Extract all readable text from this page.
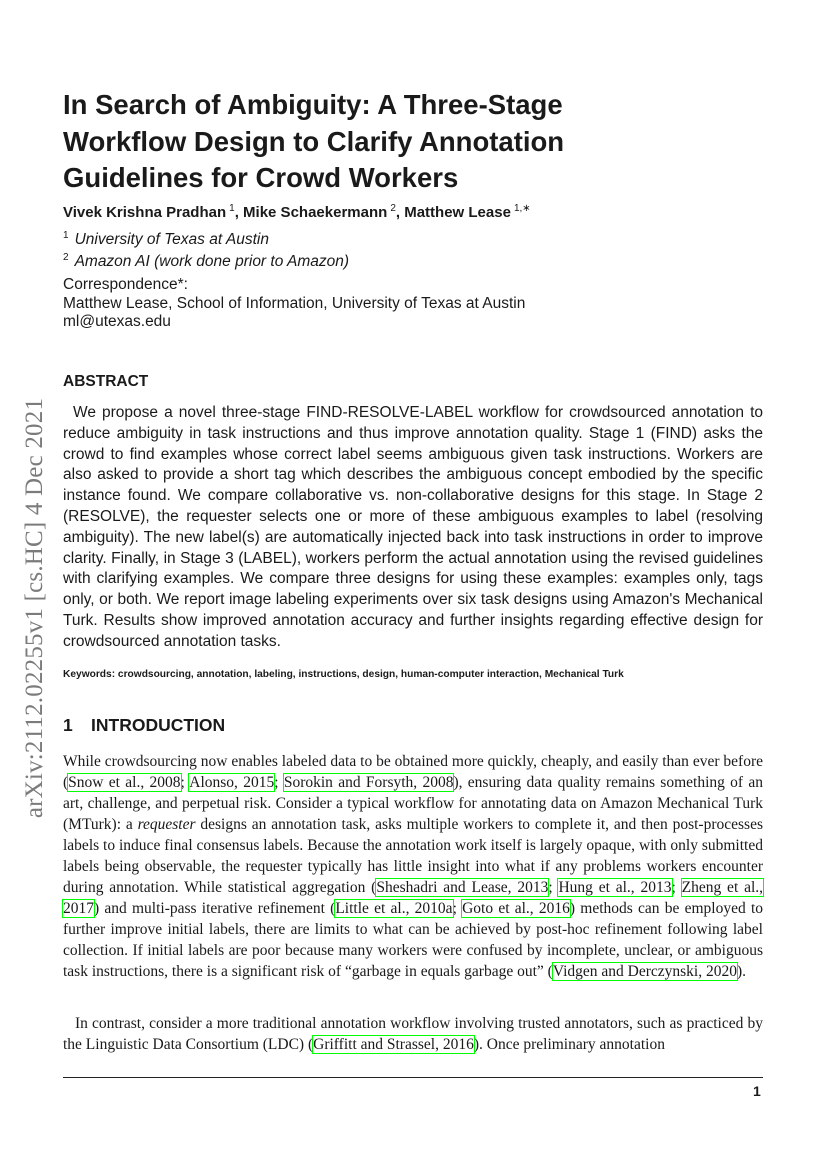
arXiv:2112.02255v1 [cs.HC] 4 Dec 2021
In Search of Ambiguity: A Three-Stage Workflow Design to Clarify Annotation Guidelines for Crowd Workers
Vivek Krishna Pradhan  $^1$, Mike Schaekermann  $^2$, Matthew Lease  $^{1,∗}$
$^1$ University of Texas at Austin
$^2$ Amazon AI (work done prior to Amazon)
Correspondence*:
Matthew Lease, School of Information, University of Texas at Austin
ml@utexas.edu
ABSTRACT

We propose a novel three-stage FIND-RESOLVE-LABEL workflow for crowdsourced annotation to reduce ambiguity in task instructions and thus improve annotation quality. Stage 1 (FIND) asks the crowd to find examples whose correct label seems ambiguous given task instructions. Workers are also asked to provide a short tag which describes the ambiguous concept embodied by the specific instance found. We compare collaborative vs. non-collaborative designs for this stage. In Stage 2 (RESOLVE), the requester selects one or more of these ambiguous examples to label (resolving ambiguity). The new label(s) are automatically injected back into task instructions in order to improve clarity. Finally, in Stage 3 (LABEL), workers perform the actual annotation using the revised guidelines with clarifying examples. We compare three designs for using these examples: examples only, tags only, or both. We report image labeling experiments over six task designs using Amazon's Mechanical Turk. Results show improved annotation accuracy and further insights regarding effective design for crowdsourced annotation tasks.

Keywords: crowdsourcing, annotation, labeling, instructions, design, human-computer interaction, Mechanical Turk
1 INTRODUCTION

While crowdsourcing now enables labeled data to be obtained more quickly, cheaply, and easily than ever before (Snow et al., 2008; Alonso, 2015; Sorokin and Forsyth, 2008), ensuring data quality remains something of an art, challenge, and perpetual risk. Consider a typical workflow for annotating data on Amazon Mechanical Turk (MTurk): a requester designs an annotation task, asks multiple workers to complete it, and then post-processes labels to induce final consensus labels. Because the annotation work itself is largely opaque, with only submitted labels being observable, the requester typically has little insight into what if any problems workers encounter during annotation. While statistical aggregation (Sheshadri and Lease, 2013; Hung et al., 2013; Zheng et al., 2017) and multi-pass iterative refinement (Little et al., 2010a; Goto et al., 2016) methods can be employed to further improve initial labels, there are limits to what can be achieved by post-hoc refinement following label collection. If initial labels are poor because many workers were confused by incomplete, unclear, or ambiguous task instructions, there is a significant risk of “garbage in equals garbage out” (Vidgen and Derczynski, 2020).

In contrast, consider a more traditional annotation workflow involving trusted annotators, such as practiced by the Linguistic Data Consortium (LDC) (Griffitt and Strassel, 2016). Once preliminary annotation

1
